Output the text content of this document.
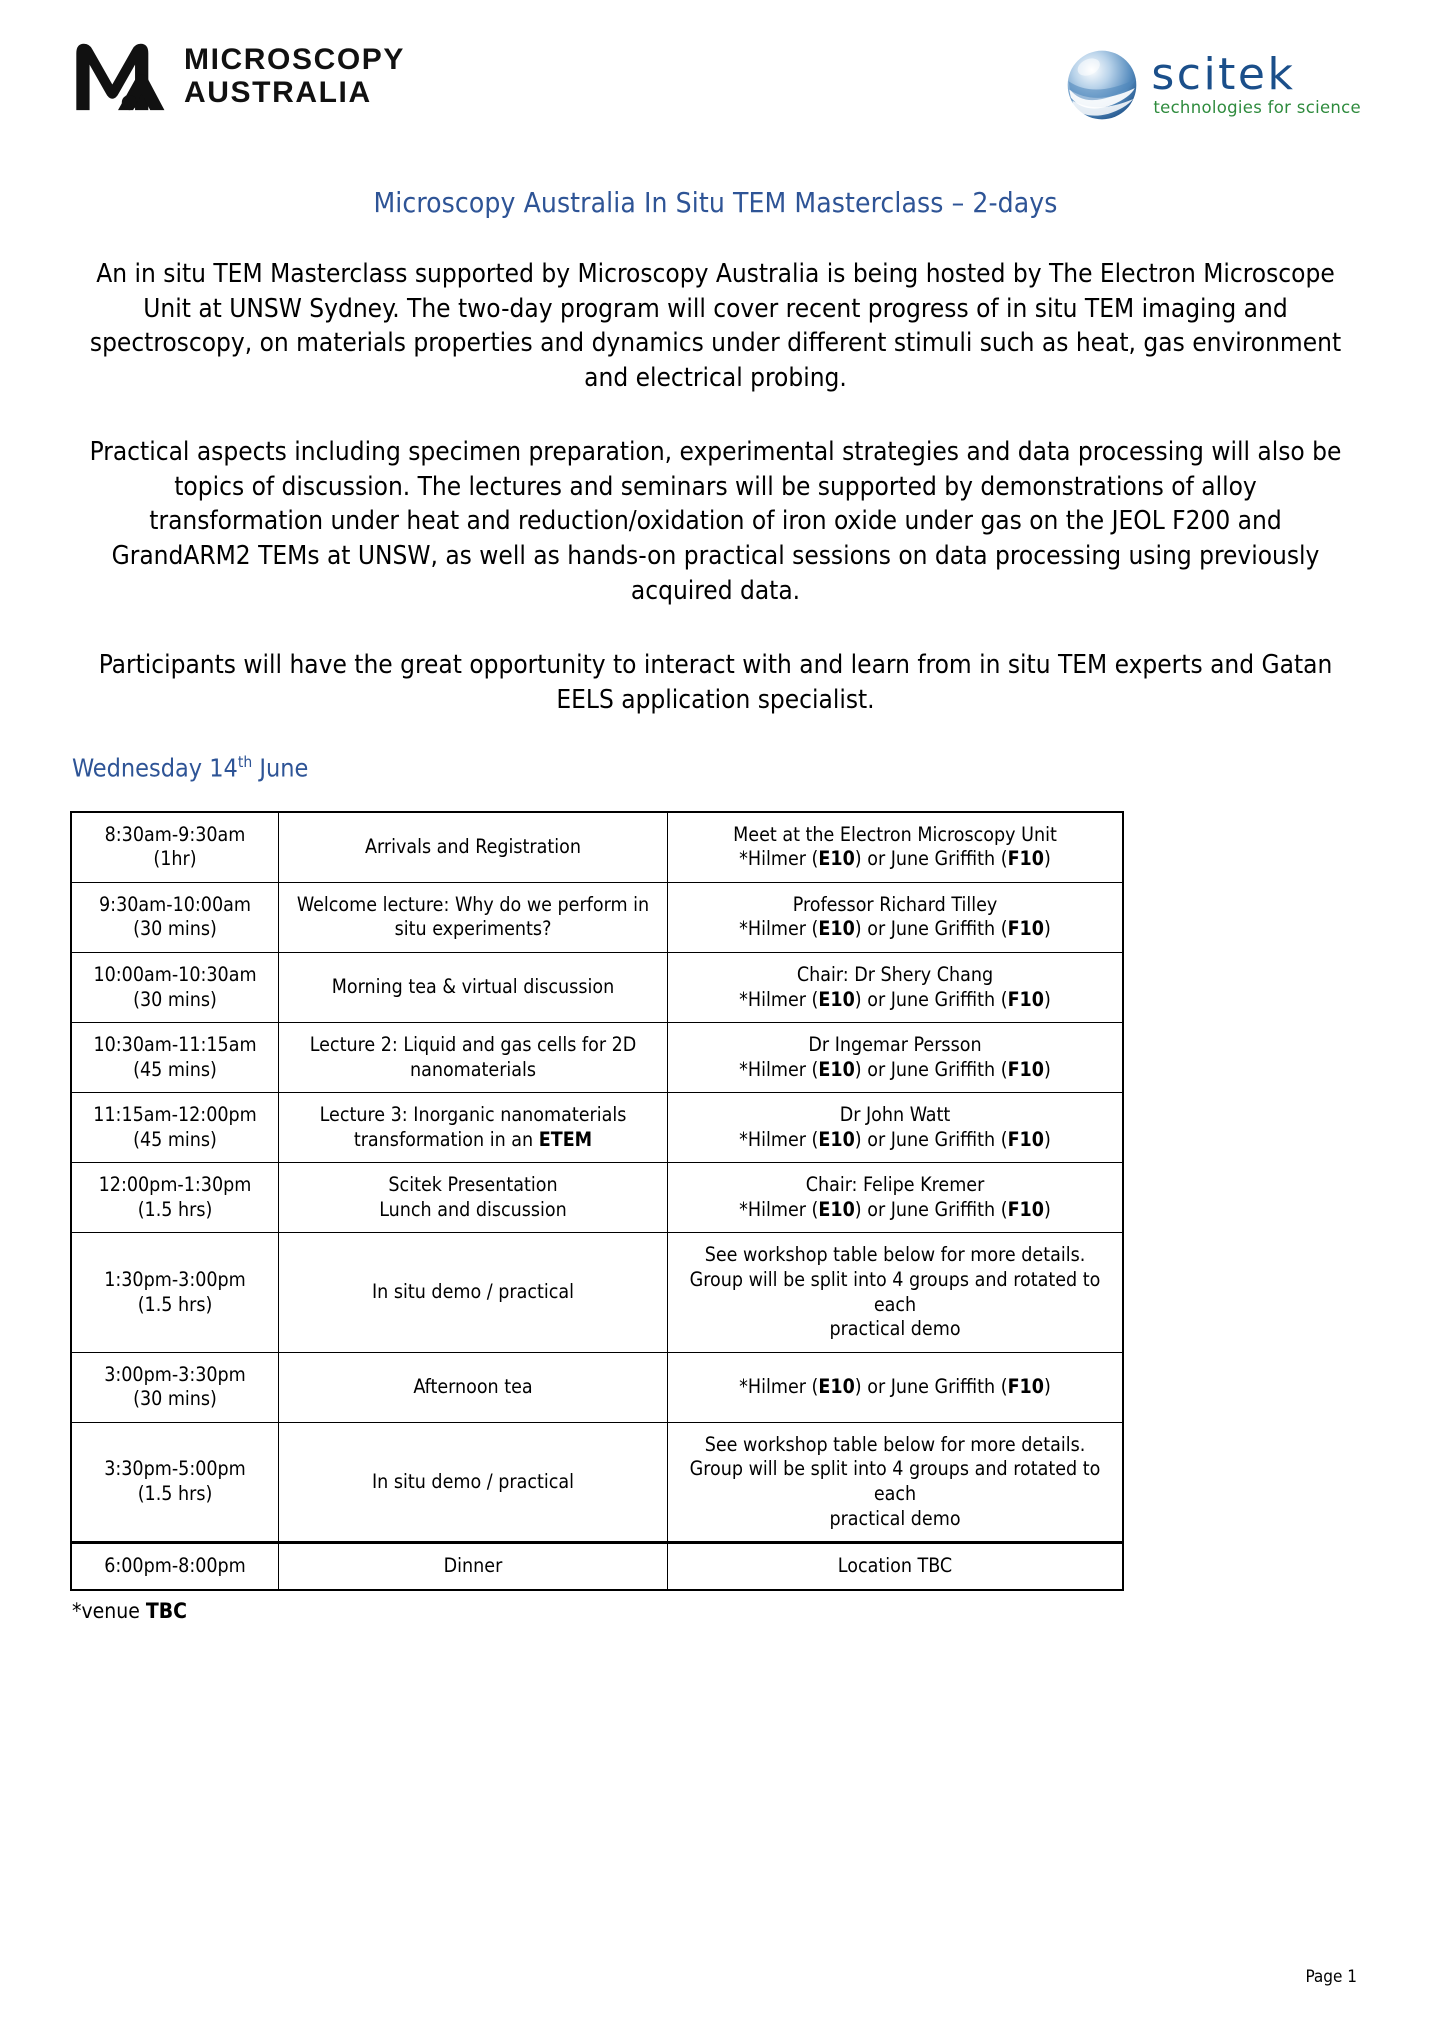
MICROSCOPY
AUSTRALIA	scitek
technologies for science
Microscopy Australia In Situ TEM Masterclass – 2-days

An in situ TEM Masterclass supported by Microscopy Australia is being hosted by The Electron Microscope Unit at UNSW Sydney. The two-day program will cover recent progress of in situ TEM imaging and spectroscopy, on materials properties and dynamics under different stimuli such as heat, gas environment and electrical probing.

Practical aspects including specimen preparation, experimental strategies and data processing will also be topics of discussion. The lectures and seminars will be supported by demonstrations of alloy transformation under heat and reduction/oxidation of iron oxide under gas on the JEOL F200 and GrandARM2 TEMs at UNSW, as well as hands-on practical sessions on data processing using previously acquired data.

Participants will have the great opportunity to interact with and learn from in situ TEM experts and Gatan EELS application specialist.

Wednesday 14th June
8:30am-9:30am
(1hr)	Arrivals and Registration	Meet at the Electron Microscopy Unit
*Hilmer (E10) or June Griffith (F10)

9:30am-10:00am
(30 mins)	Welcome lecture: Why do we perform in
situ experiments?	Professor Richard Tilley
*Hilmer (E10) or June Griffith (F10)

10:00am-10:30am
(30 mins)	Morning tea & virtual discussion	Chair: Dr Shery Chang
*Hilmer (E10) or June Griffith (F10)

10:30am-11:15am
(45 mins)	Lecture 2: Liquid and gas cells for 2D
nanomaterials	Dr Ingemar Persson
*Hilmer (E10) or June Griffith (F10)

11:15am-12:00pm
(45 mins)	Lecture 3: Inorganic nanomaterials
transformation in an ETEM	Dr John Watt
*Hilmer (E10) or June Griffith (F10)

12:00pm-1:30pm
(1.5 hrs)	Scitek Presentation
Lunch and discussion	Chair: Felipe Kremer
*Hilmer (E10) or June Griffith (F10)

1:30pm-3:00pm
(1.5 hrs)	In situ demo / practical	See workshop table below for more details.
Group will be split into 4 groups and rotated to each
practical demo

3:00pm-3:30pm
(30 mins)	Afternoon tea	*Hilmer (E10) or June Griffith (F10)

3:30pm-5:00pm
(1.5 hrs)	In situ demo / practical	See workshop table below for more details.
Group will be split into 4 groups and rotated to each
practical demo

6:00pm-8:00pm	Dinner	Location TBC
*venue TBC
Page 1
